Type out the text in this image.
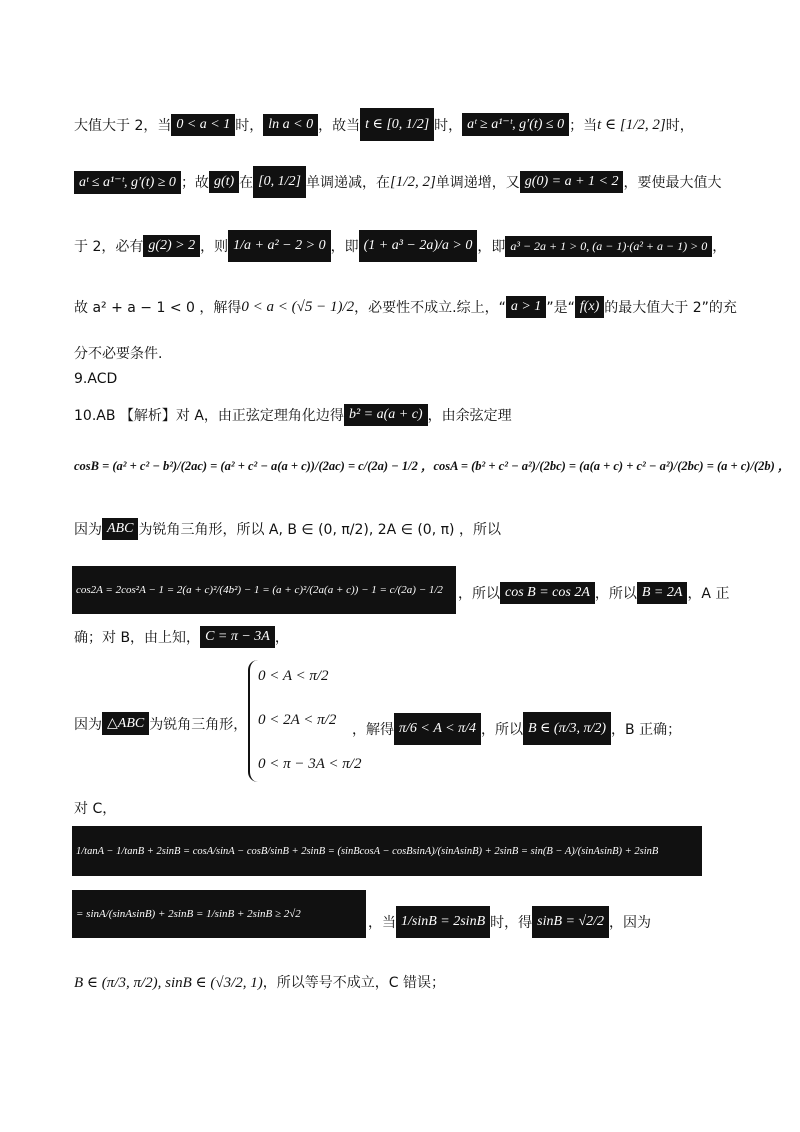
大值大于 2，当 0 < a < 1 时， ln a < 0 ，故当 t ∈ [0, 1/2] 时， aᵗ ≥ a¹⁻ᵗ, g′(t) ≤ 0 ；当 t ∈ [1/2, 2] 时，
aᵗ ≤ a¹⁻ᵗ, g′(t) ≥ 0 ；故 g(t) 在 [0, 1/2] 单调递减，在 [1/2, 2] 单调递增，又 g(0) = a + 1 < 2 ，要使最大值大
于 2，必有 g(2) > 2 ，则 1/a + a² − 2 > 0 ，即 (1 + a³ − 2a)/a > 0 ，即 a³ − 2a + 1 > 0, (a − 1)·(a² + a − 1) > 0 ，
故 a² + a − 1 < 0 ，解得 0 < a < (√5 − 1)/2 ，必要性不成立.综上，“ a > 1 ”是“ f(x) 的最大值大于 2”的充
分不必要条件.
9.ACD
10.AB 【解析】对 A，由正弦定理角化边得 b² = a(a + c) ，由余弦定理
cosB = (a² + c² − b²)/(2ac) = (a² + c² − a(a + c))/(2ac) = c/(2a) − 1/2 ，cosA = (b² + c² − a²)/(2bc) = (a(a + c) + c² − a²)/(2bc) = (a + c)/(2b) ，
因为 ABC 为锐角三角形，所以 A, B ∈ (0, π/2), 2A ∈ (0, π) ，所以
cos2A = 2cos²A − 1 = 2(a + c)²/(4b²) − 1 = (a + c)²/(2a(a + c)) − 1 = c/(2a) − 1/2 ，所以 cos B = cos 2A ，所以 B = 2A ，A 正
确；对 B，由上知， C = π − 3A ，
因为 △ABC 为锐角三角形，
0 < A < π/2
0 < 2A < π/2
0 < π − 3A < π/2
，解得 π/6 < A < π/4 ，所以 B ∈ (π/3, π/2) ，B 正确；
对 C，
1/tanA − 1/tanB + 2sinB = cosA/sinA − cosB/sinB + 2sinB = (sinBcosA − cosBsinA)/(sinAsinB) + 2sinB = sin(B − A)/(sinAsinB) + 2sinB
= sinA/(sinAsinB) + 2sinB = 1/sinB + 2sinB ≥ 2√2
，当 1/sinB = 2sinB 时，得 sinB = √2/2 ，因为
B ∈ (π/3, π/2), sinB ∈ (√3/2, 1) ，所以等号不成立，C 错误；
